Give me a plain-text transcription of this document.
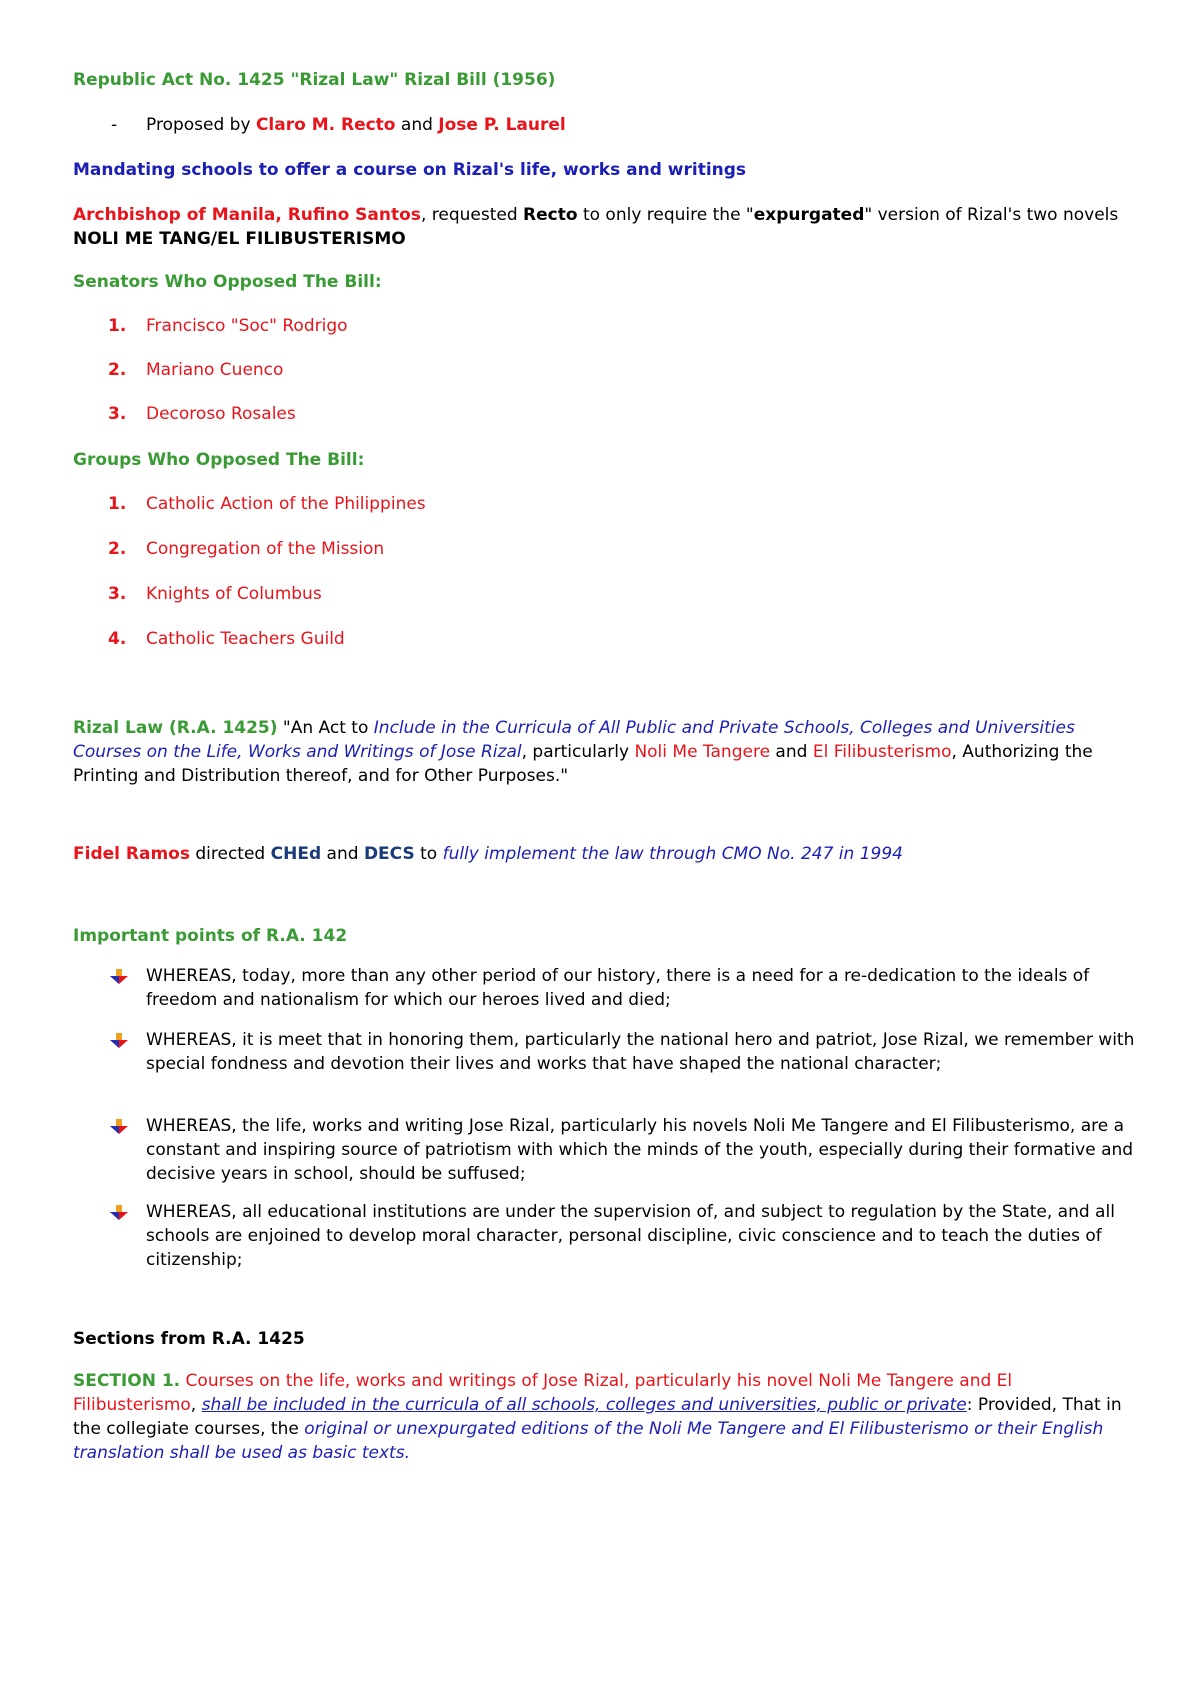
Republic Act No. 1425 "Rizal Law" Rizal Bill (1956)

- Proposed by Claro M. Recto and Jose P. Laurel

Mandating schools to offer a course on Rizal's life, works and writings

Archbishop of Manila, Rufino Santos, requested Recto to only require the "expurgated" version of Rizal's two novels NOLI ME TANG/EL FILIBUSTERISMO

Senators Who Opposed The Bill:

1. Francisco "Soc" Rodrigo
2. Mariano Cuenco
3. Decoroso Rosales

Groups Who Opposed The Bill:

1. Catholic Action of the Philippines
2. Congregation of the Mission
3. Knights of Columbus
4. Catholic Teachers Guild

Rizal Law (R.A. 1425) "An Act to Include in the Curricula of All Public and Private Schools, Colleges and Universities Courses on the Life, Works and Writings of Jose Rizal, particularly Noli Me Tangere and El Filibusterismo, Authorizing the Printing and Distribution thereof, and for Other Purposes."

Fidel Ramos directed CHEd and DECS to fully implement the law through CMO No. 247 in 1994

Important points of R.A. 142

WHEREAS, today, more than any other period of our history, there is a need for a re-dedication to the ideals of freedom and nationalism for which our heroes lived and died;
WHEREAS, it is meet that in honoring them, particularly the national hero and patriot, Jose Rizal, we remember with special fondness and devotion their lives and works that have shaped the national character;
WHEREAS, the life, works and writing Jose Rizal, particularly his novels Noli Me Tangere and El Filibusterismo, are a constant and inspiring source of patriotism with which the minds of the youth, especially during their formative and decisive years in school, should be suffused;
WHEREAS, all educational institutions are under the supervision of, and subject to regulation by the State, and all schools are enjoined to develop moral character, personal discipline, civic conscience and to teach the duties of citizenship;

Sections from R.A. 1425

SECTION 1. Courses on the life, works and writings of Jose Rizal, particularly his novel Noli Me Tangere and El Filibusterismo, shall be included in the curricula of all schools, colleges and universities, public or private: Provided, That in the collegiate courses, the original or unexpurgated editions of the Noli Me Tangere and El Filibusterismo or their English translation shall be used as basic texts.
